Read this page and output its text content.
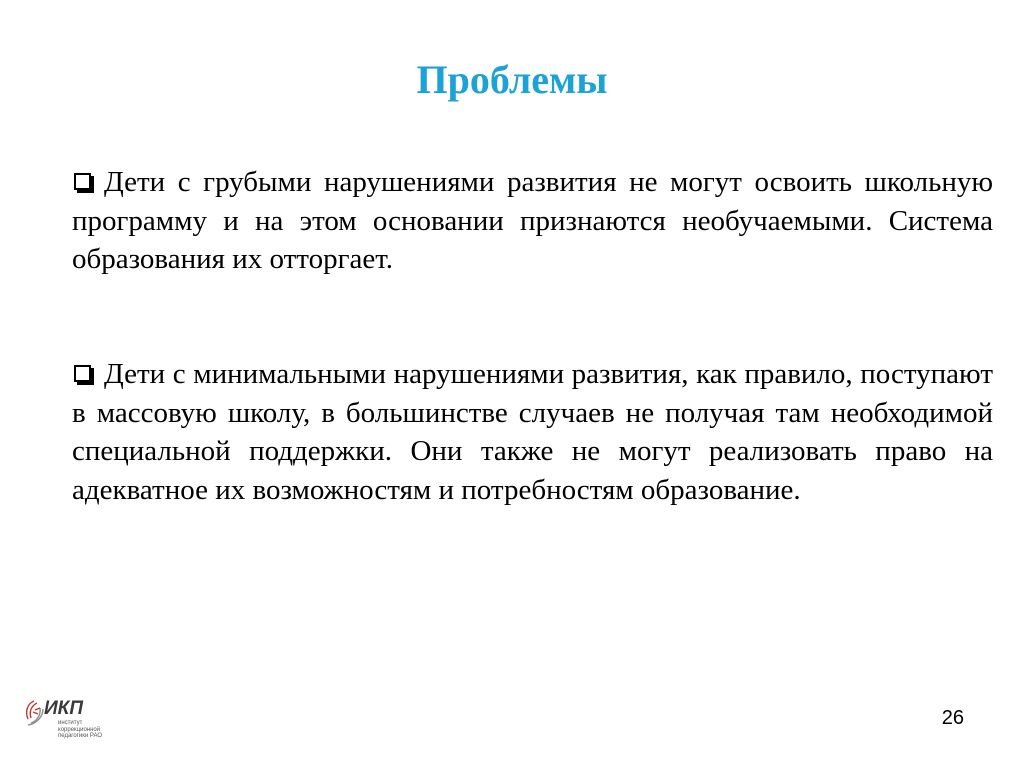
Проблемы
Дети с грубыми нарушениями развития не могут освоить школьную программу и на этом основании признаются необучаемыми. Система образования их отторгает.
Дети с минимальными нарушениями развития, как правило, поступают в массовую школу, в большинстве случаев не получая там необходимой специальной поддержки. Они также не могут реализовать право на адекватное их возможностям и потребностям образование.
ИКП
институт
коррекционной
педагогики РАО
26
